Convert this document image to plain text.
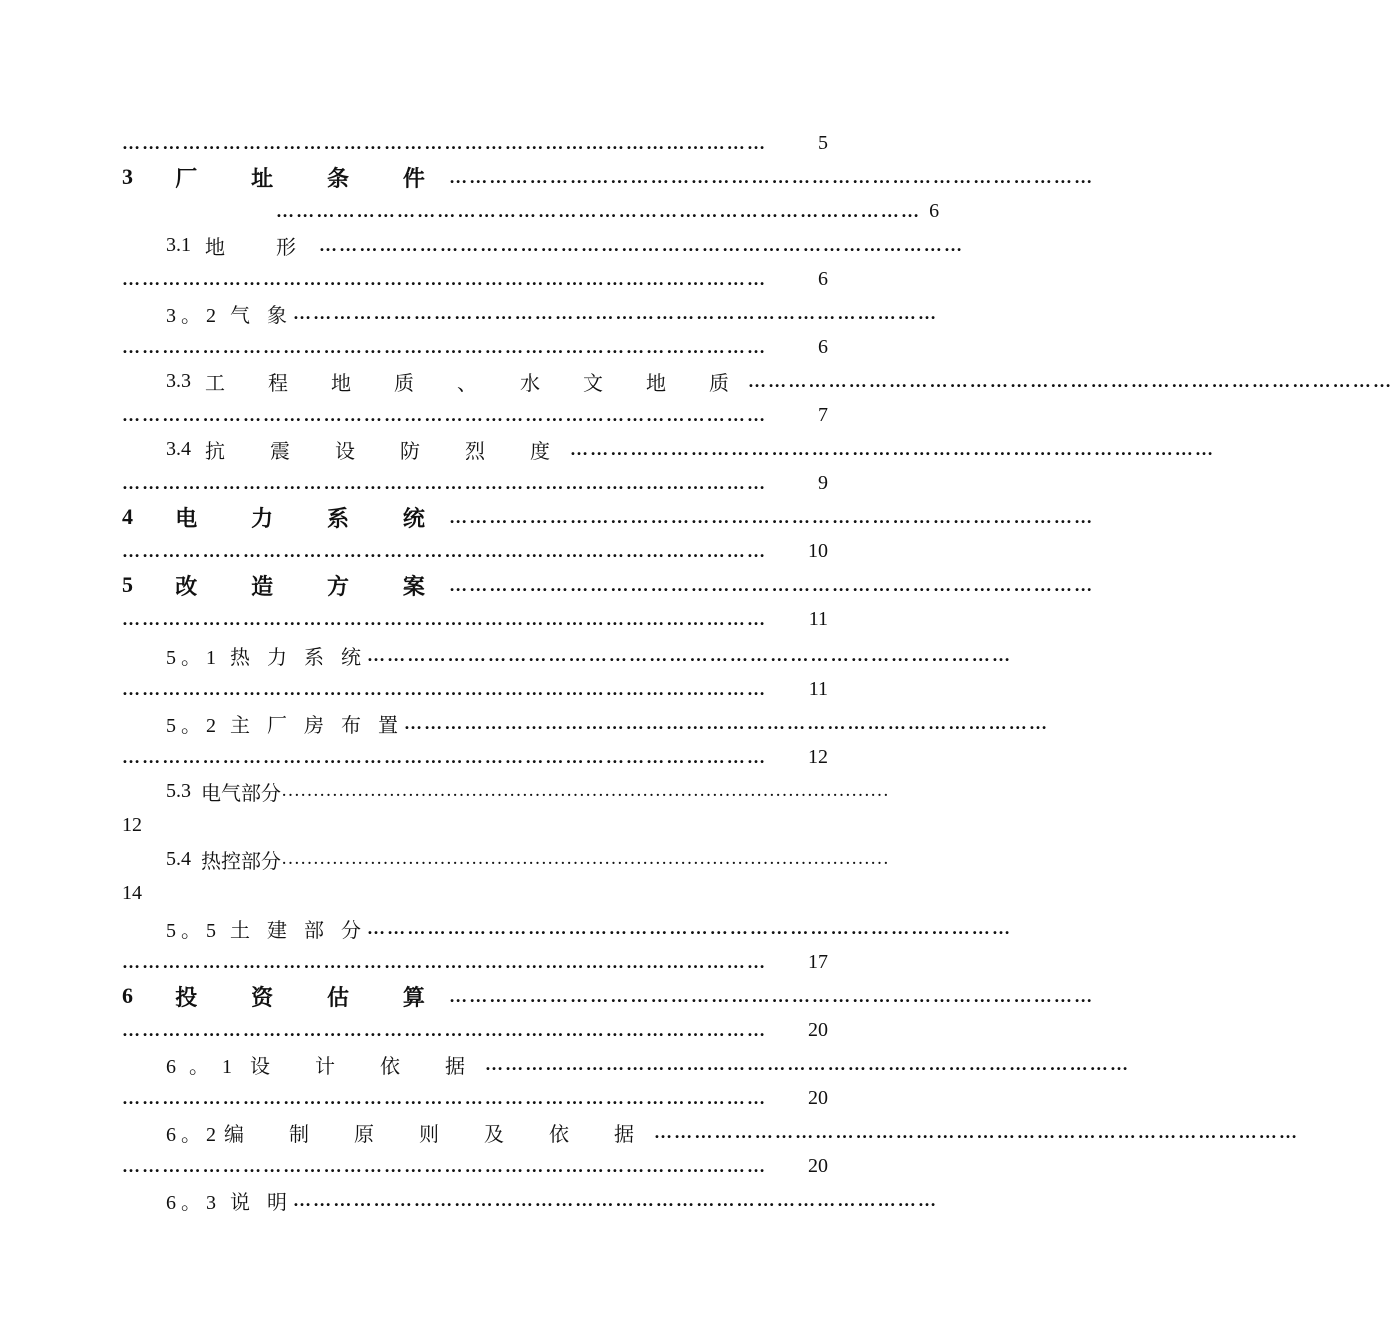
……………………………………………………………………………………	5
3 厂 址 条 件 ……………………………………………………………………………………
…………………………………………………………………………………… 6
3.1 地 形 ……………………………………………………………………………………
……………………………………………………………………………………	6
3 。 2 气 象 ……………………………………………………………………………………
……………………………………………………………………………………	6
3.3 工 程 地 质 、 水 文 地 质 ……………………………………………………………………………………
……………………………………………………………………………………	7
3.4 抗 震 设 防 烈 度 ……………………………………………………………………………………
……………………………………………………………………………………	9
4 电 力 系 统 ……………………………………………………………………………………
……………………………………………………………………………………	10
5 改 造 方 案 ……………………………………………………………………………………
……………………………………………………………………………………	11
5 。 1 热 力 系 统 ……………………………………………………………………………………
……………………………………………………………………………………	11
5 。 2 主 厂 房 布 置 ……………………………………………………………………………………
……………………………………………………………………………………	12
5.3 电气部分 ……………………………………………………………………………………
12
5.4 热控部分 ……………………………………………………………………………………
14
5 。 5 土 建 部 分 ……………………………………………………………………………………
……………………………………………………………………………………	17
6 投 资 估 算 ……………………………………………………………………………………
……………………………………………………………………………………	20
6 。 1 设 计 依 据 ……………………………………………………………………………………
……………………………………………………………………………………	20
6 。 2 编 制 原 则 及 依 据 ……………………………………………………………………………………
……………………………………………………………………………………	20
6 。 3 说 明 ……………………………………………………………………………………
